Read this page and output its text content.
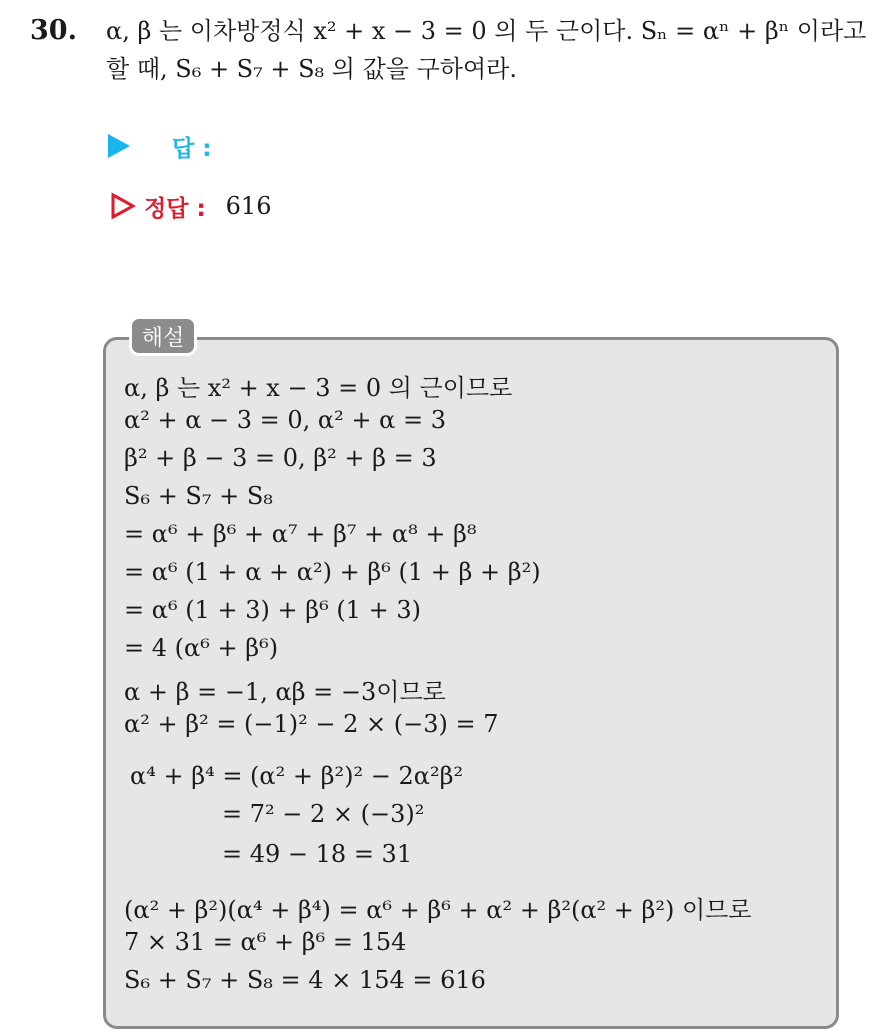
30. α, β 는 이차방정식 x² + x − 3 = 0 의 두 근이다. Sₙ = αⁿ + βⁿ 이라고
할 때, S₆ + S₇ + S₈ 의 값을 구하여라.
답 :
정답 : 616
해설
α, β 는 x² + x − 3 = 0 의 근이므로
α² + α − 3 = 0, α² + α = 3
β² + β − 3 = 0, β² + β = 3
S₆ + S₇ + S₈
= α⁶ + β⁶ + α⁷ + β⁷ + α⁸ + β⁸
= α⁶ (1 + α + α²) + β⁶ (1 + β + β²)
= α⁶ (1 + 3) + β⁶ (1 + 3)
= 4 (α⁶ + β⁶)
α + β = −1, αβ = −3이므로
α² + β² = (−1)² − 2 × (−3) = 7
α⁴ + β⁴ = (α² + β²)² − 2α²β²
= 7² − 2 × (−3)²
= 49 − 18 = 31
(α² + β²)(α⁴ + β⁴) = α⁶ + β⁶ + α² + β²(α² + β²) 이므로
7 × 31 = α⁶ + β⁶ = 154
S₆ + S₇ + S₈ = 4 × 154 = 616
